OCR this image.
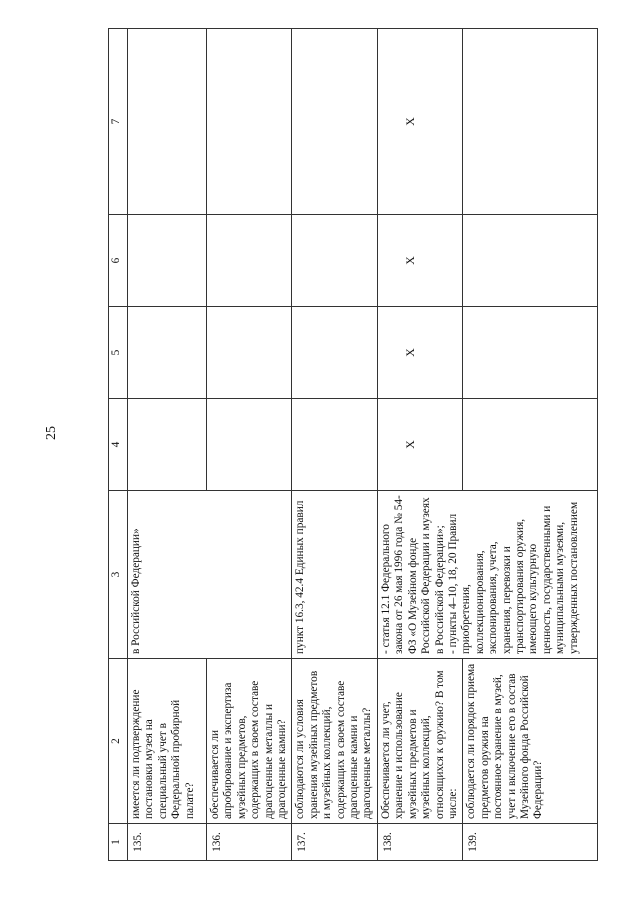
25
1	2	3	4	5	6	7
135.	имеется ли подтверждение постановки музея на специальный учет в Федеральной пробирной палате?	в Российской Федерации»				
136.	обеспечивается ли апробирование и экспертиза музейных предметов, содержащих в своем составе драгоценные металлы и драгоценные камни?					
137.	соблюдаются ли условия хранения музейных предметов и музейных коллекций, содержащих в своем составе драгоценные камни и драгоценные металлы?	пункт 16.3, 42.4 Единых правил				
138.	Обеспечивается ли учет, хранение и использование музейных предметов и музейных коллекций, относящихся к оружию? В том числе:	- статья 12.1 Федерального закона от 26 мая 1996 года № 54-ФЗ «О Музейном фонде Российской Федерации и музеях в Российской Федерации»; - пункты 4–10, 18, 20 Правил приобретения, коллекционирования, экспонирования, учета, хранения, перевозки и транспортирования оружия, имеющего культурную ценность, государственными и муниципальными музеями, утвержденных постановлением	X	X	X	X
139.	соблюдается ли порядок приема предметов оружия на постоянное хранение в музей, учет и включение его в состав Музейного фонда Российской Федерации?					
